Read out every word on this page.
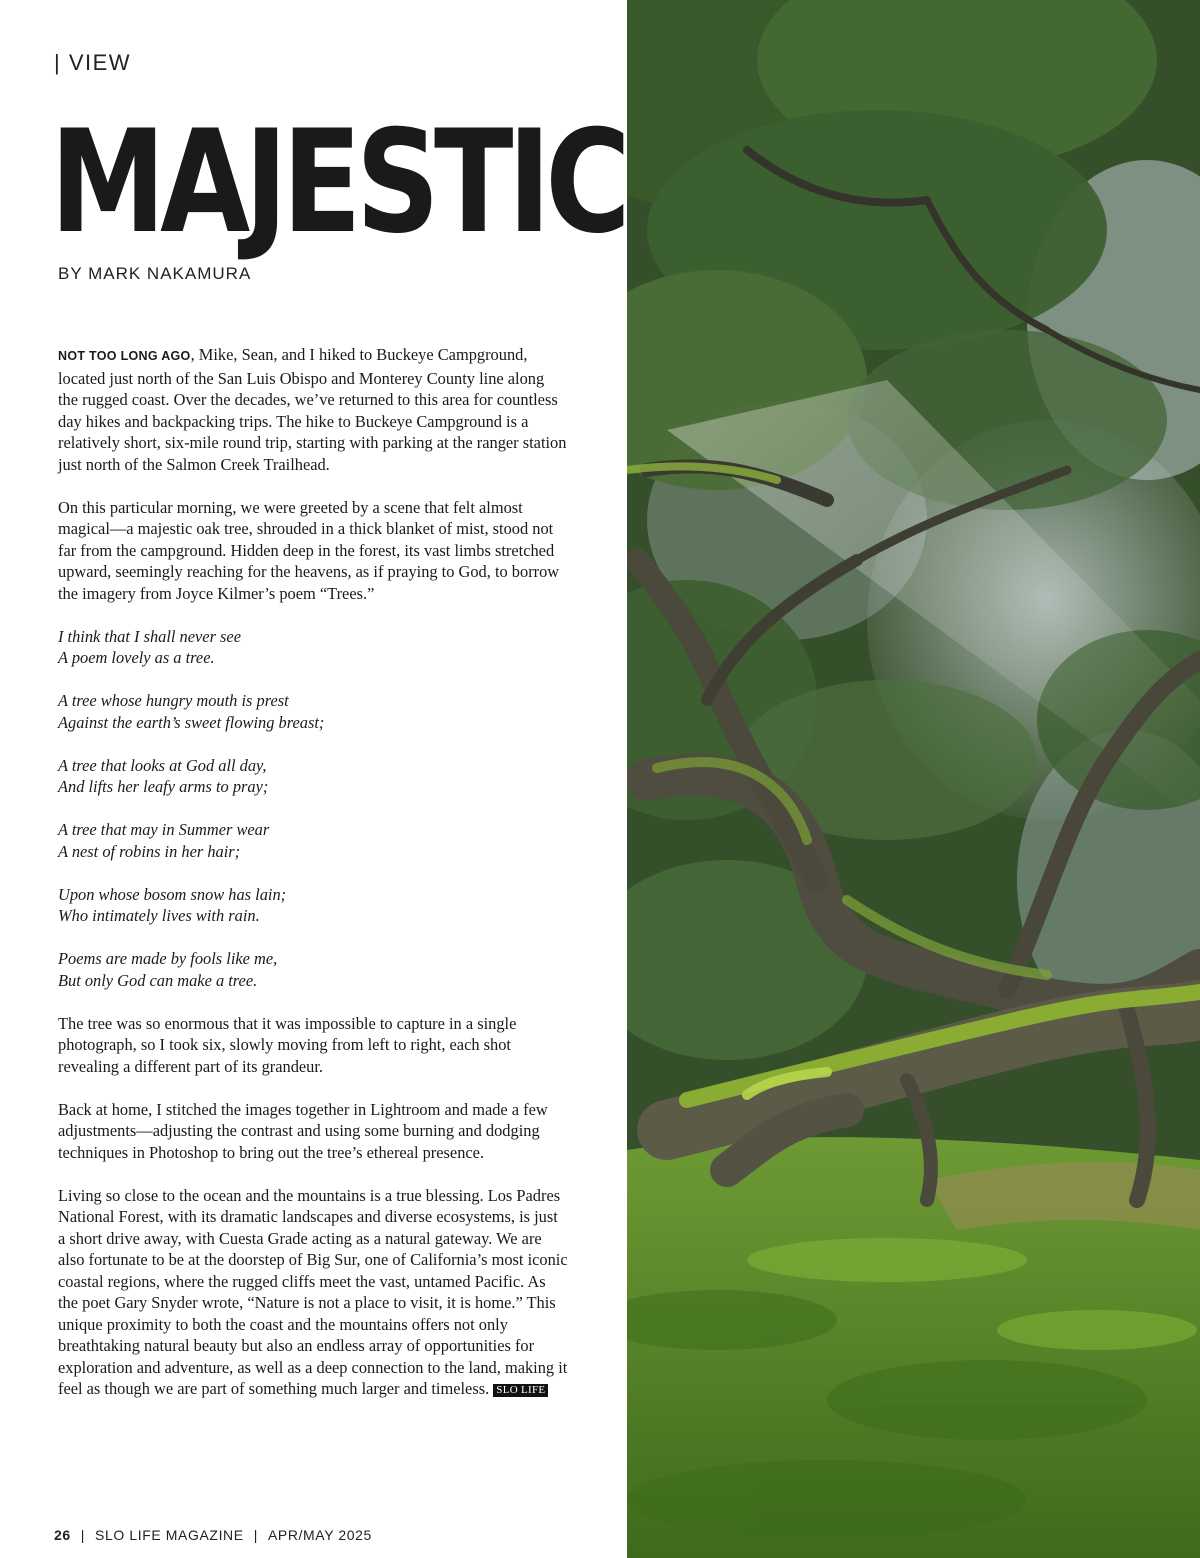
| VIEW
MAJESTIC
BY MARK NAKAMURA

NOT TOO LONG AGO, Mike, Sean, and I hiked to Buckeye Campground, located just north of the San Luis Obispo and Monterey County line along the rugged coast. Over the decades, we’ve returned to this area for countless day hikes and backpacking trips. The hike to Buckeye Campground is a relatively short, six-mile round trip, starting with parking at the ranger station just north of the Salmon Creek Trailhead.

On this particular morning, we were greeted by a scene that felt almost magical—a majestic oak tree, shrouded in a thick blanket of mist, stood not far from the campground. Hidden deep in the forest, its vast limbs stretched upward, seemingly reaching for the heavens, as if praying to God, to borrow the imagery from Joyce Kilmer’s poem “Trees.”

I think that I shall never see
A poem lovely as a tree.

A tree whose hungry mouth is prest
Against the earth’s sweet flowing breast;

A tree that looks at God all day,
And lifts her leafy arms to pray;

A tree that may in Summer wear
A nest of robins in her hair;

Upon whose bosom snow has lain;
Who intimately lives with rain.

Poems are made by fools like me,
But only God can make a tree.

The tree was so enormous that it was impossible to capture in a single photograph, so I took six, slowly moving from left to right, each shot revealing a different part of its grandeur.

Back at home, I stitched the images together in Lightroom and made a few adjustments—adjusting the contrast and using some burning and dodging techniques in Photoshop to bring out the tree’s ethereal presence.

Living so close to the ocean and the mountains is a true blessing. Los Padres National Forest, with its dramatic landscapes and diverse ecosystems, is just a short drive away, with Cuesta Grade acting as a natural gateway. We are also fortunate to be at the doorstep of Big Sur, one of California’s most iconic coastal regions, where the rugged cliffs meet the vast, untamed Pacific. As the poet Gary Snyder wrote, “Nature is not a place to visit, it is home.” This unique proximity to both the coast and the mountains offers not only breathtaking natural beauty but also an endless array of opportunities for exploration and adventure, as well as a deep connection to the land, making it feel as though we are part of something much larger and timeless. SLO LIFE

26 | SLO LIFE MAGAZINE | APR/MAY 2025
